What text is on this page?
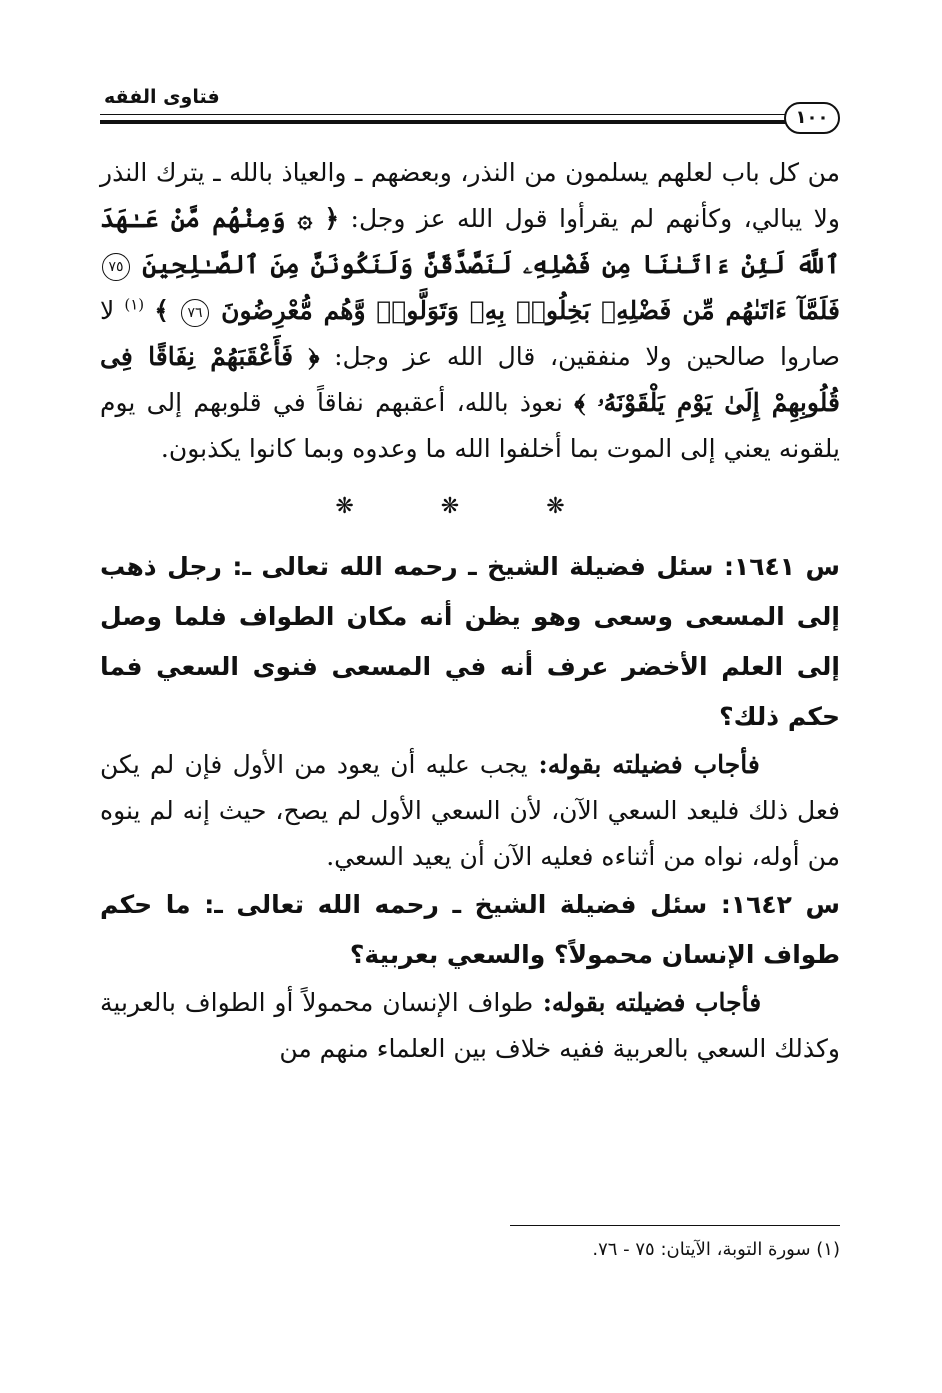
فتاوى الفقه
١٠٠

من كل باب لعلهم يسلمون من النذر، وبعضهم ـ والعياذ بالله ـ يترك النذر ولا يبالي، وكأنهم لم يقرأوا قول الله عز وجل: ﴿ ۞ وَمِنْهُم مَّنْ عَـٰهَدَ ٱللَّهَ لَئِنْ ءَاتَىٰنَا مِن فَضْلِهِۦ لَنَصَّدَّقَنَّ وَلَنَكُونَنَّ مِنَ ٱلصَّـٰلِحِينَ ٧٥ فَلَمَّآ ءَاتَىٰهُم مِّن فَضْلِهِۦ بَخِلُوا۟ بِهِۦ وَتَوَلَّوا۟ وَّهُم مُّعْرِضُونَ ٧٦ ﴾ $^{(١)}$ لا صاروا صالحين ولا منفقين، قال الله عز وجل: ﴿ فَأَعْقَبَهُمْ نِفَاقًا فِى قُلُوبِهِمْ إِلَىٰ يَوْمِ يَلْقَوْنَهُۥ ﴾ نعوذ بالله، أعقبهم نفاقاً في قلوبهم إلى يوم يلقونه يعني إلى الموت بما أخلفوا الله ما وعدوه وبما كانوا يكذبون.

❋ ❋ ❋

س ١٦٤١: سئل فضيلة الشيخ ـ رحمه الله تعالى ـ: رجل ذهب إلى المسعى وسعى وهو يظن أنه مكان الطواف فلما وصل إلى العلم الأخضر عرف أنه في المسعى فنوى السعي فما حكم ذلك؟

فأجاب فضيلته بقوله: يجب عليه أن يعود من الأول فإن لم يكن فعل ذلك فليعد السعي الآن، لأن السعي الأول لم يصح، حيث إنه لم ينوه من أوله، نواه من أثناءه فعليه الآن أن يعيد السعي.

س ١٦٤٢: سئل فضيلة الشيخ ـ رحمه الله تعالى ـ: ما حكم طواف الإنسان محمولاً؟ والسعي بعربية؟

فأجاب فضيلته بقوله: طواف الإنسان محمولاً أو الطواف بالعربية وكذلك السعي بالعربية ففيه خلاف بين العلماء منهم من

(١) سورة التوبة، الآيتان: ٧٥ - ٧٦.
